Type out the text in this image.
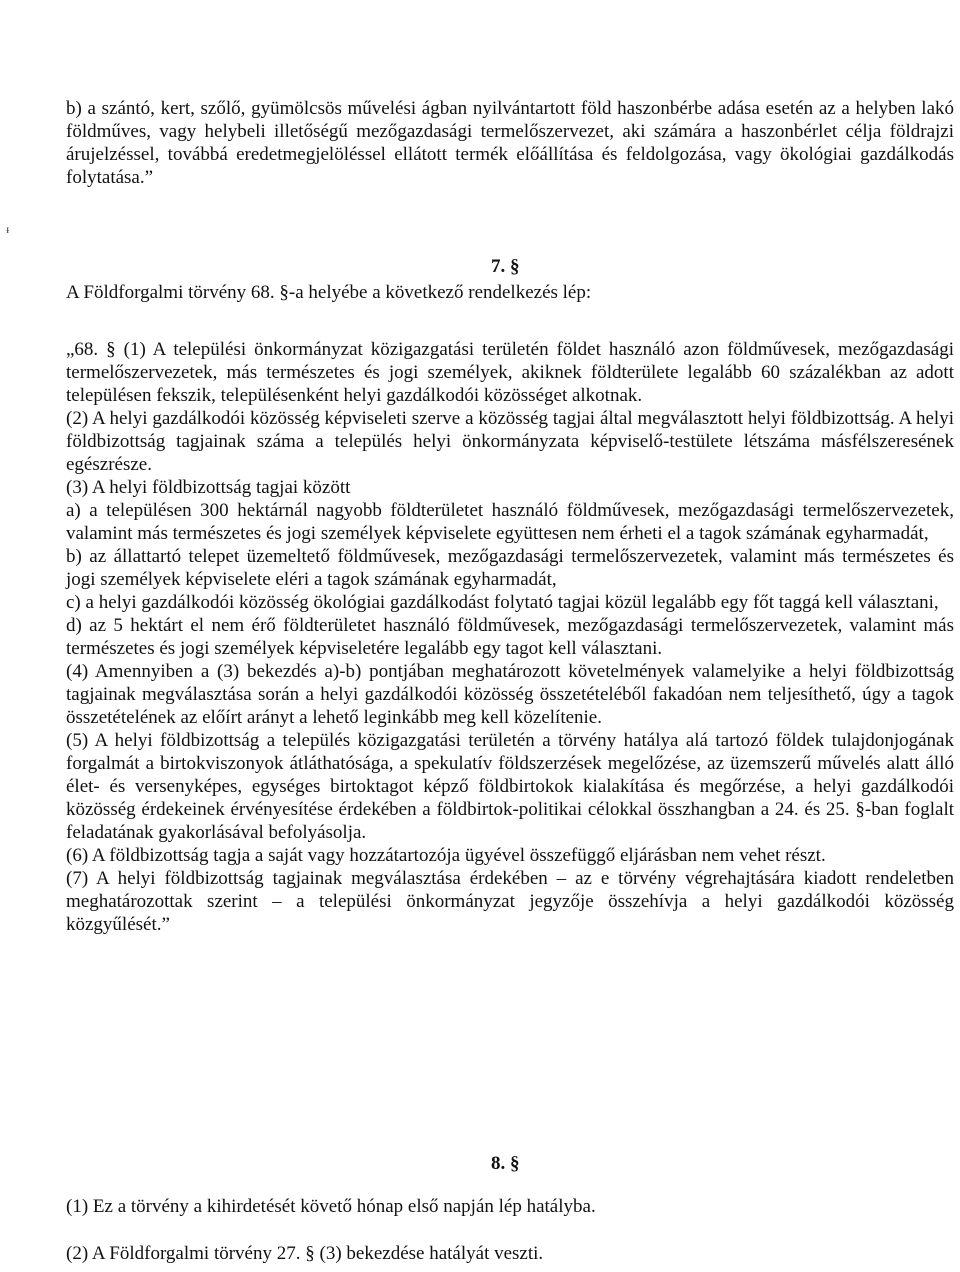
ᵻ

b) a szántó, kert, szőlő, gyümölcsös művelési ágban nyilvántartott föld haszonbérbe adása esetén az a helyben lakó földműves, vagy helybeli illetőségű mezőgazdasági termelőszervezet, aki számára a haszonbérlet célja földrajzi árujelzéssel, továbbá eredetmegjelöléssel ellátott termék előállítása és feldolgozása, vagy ökológiai gazdálkodás folytatása.”

7. §
A Földforgalmi törvény 68. §-a helyébe a következő rendelkezés lép:

„68. § (1) A települési önkormányzat közigazgatási területén földet használó azon földművesek, mezőgazdasági termelőszervezetek, más természetes és jogi személyek, akiknek földterülete legalább 60 százalékban az adott településen fekszik, településenként helyi gazdálkodói közösséget alkotnak.

(2) A helyi gazdálkodói közösség képviseleti szerve a közösség tagjai által megválasztott helyi földbizottság. A helyi földbizottság tagjainak száma a település helyi önkormányzata képviselő-testülete létszáma másfélszeresének egészrésze.

(3) A helyi földbizottság tagjai között

a) a településen 300 hektárnál nagyobb földterületet használó földművesek, mezőgazdasági termelőszervezetek, valamint más természetes és jogi személyek képviselete együttesen nem érheti el a tagok számának egyharmadát,

b) az állattartó telepet üzemeltető földművesek, mezőgazdasági termelőszervezetek, valamint más természetes és jogi személyek képviselete eléri a tagok számának egyharmadát,

c) a helyi gazdálkodói közösség ökológiai gazdálkodást folytató tagjai közül legalább egy főt taggá kell választani,

d) az 5 hektárt el nem érő földterületet használó földművesek, mezőgazdasági termelőszervezetek, valamint más természetes és jogi személyek képviseletére legalább egy tagot kell választani.

(4) Amennyiben a (3) bekezdés a)-b) pontjában meghatározott követelmények valamelyike a helyi földbizottság tagjainak megválasztása során a helyi gazdálkodói közösség összetételéből fakadóan nem teljesíthető, úgy a tagok összetételének az előírt arányt a lehető leginkább meg kell közelítenie.

(5) A helyi földbizottság a település közigazgatási területén a törvény hatálya alá tartozó földek tulajdonjogának forgalmát a birtokviszonyok átláthatósága, a spekulatív földszerzések megelőzése, az üzemszerű művelés alatt álló élet- és versenyképes, egységes birtoktagot képző földbirtokok kialakítása és megőrzése, a helyi gazdálkodói közösség érdekeinek érvényesítése érdekében a földbirtok-politikai célokkal összhangban a 24. és 25. §-ban foglalt feladatának gyakorlásával befolyásolja.

(6) A földbizottság tagja a saját vagy hozzátartozója ügyével összefüggő eljárásban nem vehet részt.

(7) A helyi földbizottság tagjainak megválasztása érdekében – az e törvény végrehajtására kiadott rendeletben meghatározottak szerint – a települési önkormányzat jegyzője összehívja a helyi gazdálkodói közösség közgyűlését.”

8. §
(1) Ez a törvény a kihirdetését követő hónap első napján lép hatályba.
(2) A Földforgalmi törvény 27. § (3) bekezdése hatályát veszti.
